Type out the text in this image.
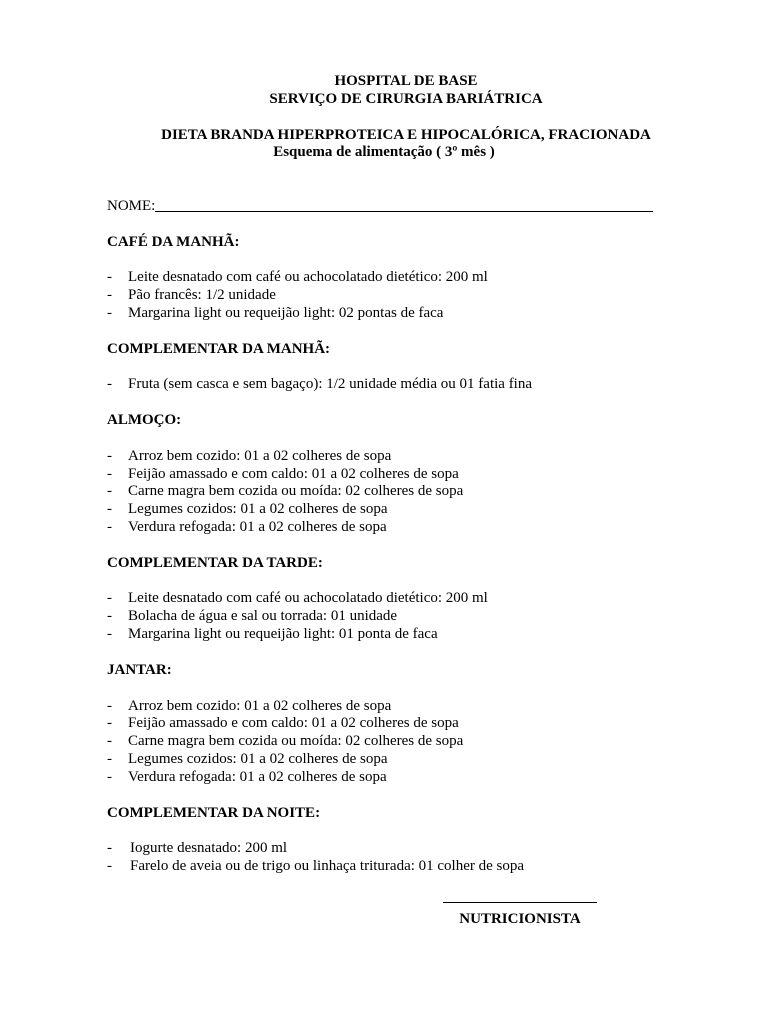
HOSPITAL DE BASE
SERVIÇO DE CIRURGIA BARIÁTRICA
DIETA BRANDA HIPERPROTEICA E HIPOCALÓRICA, FRACIONADA
Esquema de alimentação ( 3º mês )
NOME:
CAFÉ DA MANHÃ:
- Leite desnatado com café ou achocolatado dietético: 200 ml
- Pão francês: 1/2 unidade
- Margarina light ou requeijão light: 02 pontas de faca
COMPLEMENTAR DA MANHÃ:
- Fruta (sem casca e sem bagaço): 1/2 unidade média ou 01 fatia fina
ALMOÇO:
- Arroz bem cozido: 01 a 02 colheres de sopa
- Feijão amassado e com caldo: 01 a 02 colheres de sopa
- Carne magra bem cozida ou moída: 02 colheres de sopa
- Legumes cozidos: 01 a 02 colheres de sopa
- Verdura refogada: 01 a 02 colheres de sopa
COMPLEMENTAR DA TARDE:
- Leite desnatado com café ou achocolatado dietético: 200 ml
- Bolacha de água e sal ou torrada: 01 unidade
- Margarina light ou requeijão light: 01 ponta de faca
JANTAR:
- Arroz bem cozido: 01 a 02 colheres de sopa
- Feijão amassado e com caldo: 01 a 02 colheres de sopa
- Carne magra bem cozida ou moída: 02 colheres de sopa
- Legumes cozidos: 01 a 02 colheres de sopa
- Verdura refogada: 01 a 02 colheres de sopa
COMPLEMENTAR DA NOITE:
- Iogurte desnatado: 200 ml
- Farelo de aveia ou de trigo ou linhaça triturada: 01 colher de sopa
NUTRICIONISTA
